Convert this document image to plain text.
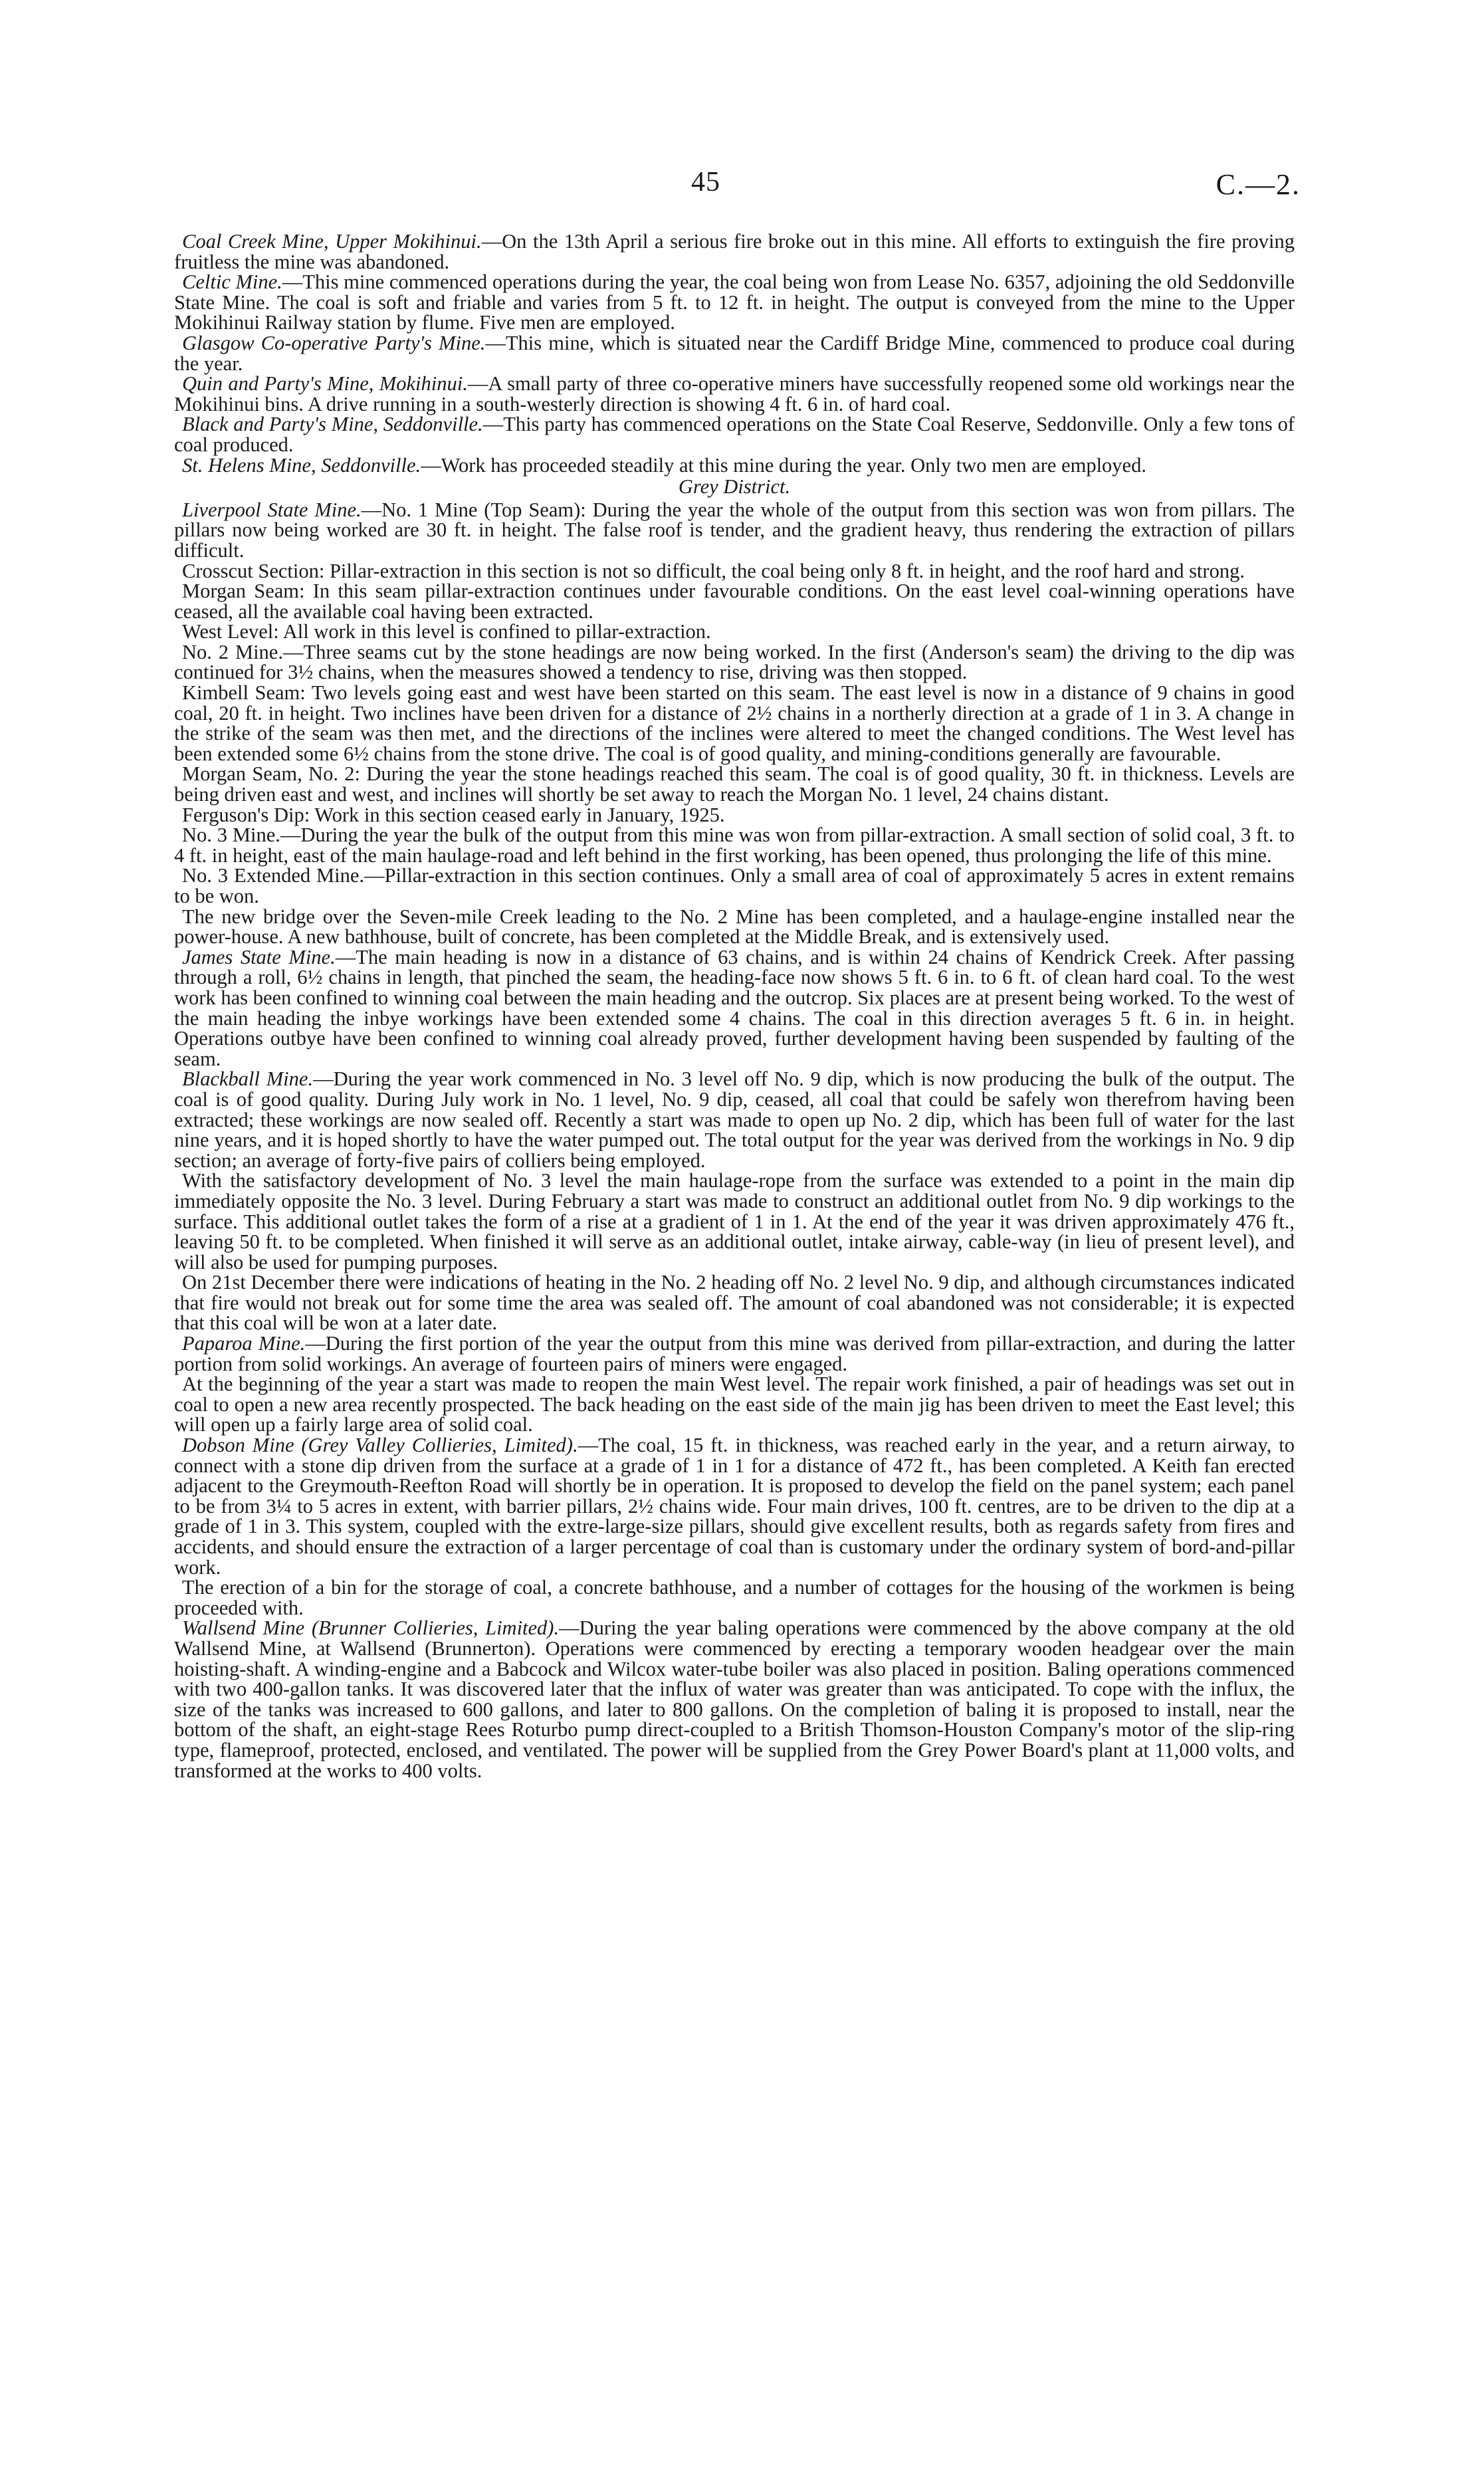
45	C.—2.

Coal Creek Mine, Upper Mokihinui.—On the 13th April a serious fire broke out in this mine. All efforts to extinguish the fire proving fruitless the mine was abandoned.

Celtic Mine.—This mine commenced operations during the year, the coal being won from Lease No. 6357, adjoining the old Seddonville State Mine. The coal is soft and friable and varies from 5 ft. to 12 ft. in height. The output is conveyed from the mine to the Upper Mokihinui Railway station by flume. Five men are employed.

Glasgow Co-operative Party's Mine.—This mine, which is situated near the Cardiff Bridge Mine, commenced to produce coal during the year.

Quin and Party's Mine, Mokihinui.—A small party of three co-operative miners have successfully reopened some old workings near the Mokihinui bins. A drive running in a south-westerly direction is showing 4 ft. 6 in. of hard coal.

Black and Party's Mine, Seddonville.—This party has commenced operations on the State Coal Reserve, Seddonville. Only a few tons of coal produced.

St. Helens Mine, Seddonville.—Work has proceeded steadily at this mine during the year. Only two men are employed.

Grey District.

Liverpool State Mine.—No. 1 Mine (Top Seam): During the year the whole of the output from this section was won from pillars. The pillars now being worked are 30 ft. in height. The false roof is tender, and the gradient heavy, thus rendering the extraction of pillars difficult.

Crosscut Section: Pillar-extraction in this section is not so difficult, the coal being only 8 ft. in height, and the roof hard and strong.

Morgan Seam: In this seam pillar-extraction continues under favourable conditions. On the east level coal-winning operations have ceased, all the available coal having been extracted.

West Level: All work in this level is confined to pillar-extraction.

No. 2 Mine.—Three seams cut by the stone headings are now being worked. In the first (Anderson's seam) the driving to the dip was continued for 3½ chains, when the measures showed a tendency to rise, driving was then stopped.

Kimbell Seam: Two levels going east and west have been started on this seam. The east level is now in a distance of 9 chains in good coal, 20 ft. in height. Two inclines have been driven for a distance of 2½ chains in a northerly direction at a grade of 1 in 3. A change in the strike of the seam was then met, and the directions of the inclines were altered to meet the changed conditions. The West level has been extended some 6½ chains from the stone drive. The coal is of good quality, and mining-conditions generally are favourable.

Morgan Seam, No. 2: During the year the stone headings reached this seam. The coal is of good quality, 30 ft. in thickness. Levels are being driven east and west, and inclines will shortly be set away to reach the Morgan No. 1 level, 24 chains distant.

Ferguson's Dip: Work in this section ceased early in January, 1925.

No. 3 Mine.—During the year the bulk of the output from this mine was won from pillar-extraction. A small section of solid coal, 3 ft. to 4 ft. in height, east of the main haulage-road and left behind in the first working, has been opened, thus prolonging the life of this mine.

No. 3 Extended Mine.—Pillar-extraction in this section continues. Only a small area of coal of approximately 5 acres in extent remains to be won.

The new bridge over the Seven-mile Creek leading to the No. 2 Mine has been completed, and a haulage-engine installed near the power-house. A new bathhouse, built of concrete, has been completed at the Middle Break, and is extensively used.

James State Mine.—The main heading is now in a distance of 63 chains, and is within 24 chains of Kendrick Creek. After passing through a roll, 6½ chains in length, that pinched the seam, the heading-face now shows 5 ft. 6 in. to 6 ft. of clean hard coal. To the west work has been confined to winning coal between the main heading and the outcrop. Six places are at present being worked. To the west of the main heading the inbye workings have been extended some 4 chains. The coal in this direction averages 5 ft. 6 in. in height. Operations outbye have been confined to winning coal already proved, further development having been suspended by faulting of the seam.

Blackball Mine.—During the year work commenced in No. 3 level off No. 9 dip, which is now producing the bulk of the output. The coal is of good quality. During July work in No. 1 level, No. 9 dip, ceased, all coal that could be safely won therefrom having been extracted; these workings are now sealed off. Recently a start was made to open up No. 2 dip, which has been full of water for the last nine years, and it is hoped shortly to have the water pumped out. The total output for the year was derived from the workings in No. 9 dip section; an average of forty-five pairs of colliers being employed.

With the satisfactory development of No. 3 level the main haulage-rope from the surface was extended to a point in the main dip immediately opposite the No. 3 level. During February a start was made to construct an additional outlet from No. 9 dip workings to the surface. This additional outlet takes the form of a rise at a gradient of 1 in 1. At the end of the year it was driven approximately 476 ft., leaving 50 ft. to be completed. When finished it will serve as an additional outlet, intake airway, cable-way (in lieu of present level), and will also be used for pumping purposes.

On 21st December there were indications of heating in the No. 2 heading off No. 2 level No. 9 dip, and although circumstances indicated that fire would not break out for some time the area was sealed off. The amount of coal abandoned was not considerable; it is expected that this coal will be won at a later date.

Paparoa Mine.—During the first portion of the year the output from this mine was derived from pillar-extraction, and during the latter portion from solid workings. An average of fourteen pairs of miners were engaged.

At the beginning of the year a start was made to reopen the main West level. The repair work finished, a pair of headings was set out in coal to open a new area recently prospected. The back heading on the east side of the main jig has been driven to meet the East level; this will open up a fairly large area of solid coal.

Dobson Mine (Grey Valley Collieries, Limited).—The coal, 15 ft. in thickness, was reached early in the year, and a return airway, to connect with a stone dip driven from the surface at a grade of 1 in 1 for a distance of 472 ft., has been completed. A Keith fan erected adjacent to the Greymouth-Reefton Road will shortly be in operation. It is proposed to develop the field on the panel system; each panel to be from 3¼ to 5 acres in extent, with barrier pillars, 2½ chains wide. Four main drives, 100 ft. centres, are to be driven to the dip at a grade of 1 in 3. This system, coupled with the extre-large-size pillars, should give excellent results, both as regards safety from fires and accidents, and should ensure the extraction of a larger percentage of coal than is customary under the ordinary system of bord-and-pillar work.

The erection of a bin for the storage of coal, a concrete bathhouse, and a number of cottages for the housing of the workmen is being proceeded with.

Wallsend Mine (Brunner Collieries, Limited).—During the year baling operations were commenced by the above company at the old Wallsend Mine, at Wallsend (Brunnerton). Operations were commenced by erecting a temporary wooden headgear over the main hoisting-shaft. A winding-engine and a Babcock and Wilcox water-tube boiler was also placed in position. Baling operations commenced with two 400-gallon tanks. It was discovered later that the influx of water was greater than was anticipated. To cope with the influx, the size of the tanks was increased to 600 gallons, and later to 800 gallons. On the completion of baling it is proposed to install, near the bottom of the shaft, an eight-stage Rees Roturbo pump direct-coupled to a British Thomson-Houston Company's motor of the slip-ring type, flameproof, protected, enclosed, and ventilated. The power will be supplied from the Grey Power Board's plant at 11,000 volts, and transformed at the works to 400 volts.
